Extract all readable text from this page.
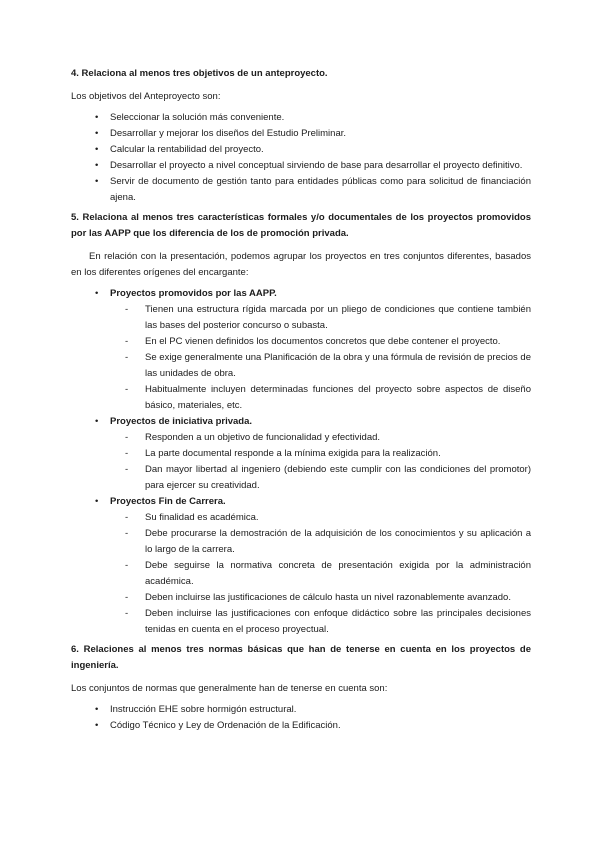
4. Relaciona al menos tres objetivos de un anteproyecto.
Los objetivos del Anteproyecto son:
•	Seleccionar la solución más conveniente.
•	Desarrollar y mejorar los diseños del Estudio Preliminar.
•	Calcular la rentabilidad del proyecto.
•	Desarrollar el proyecto a nivel conceptual sirviendo de base para desarrollar el proyecto definitivo.
•	Servir de documento de gestión tanto para entidades públicas como para solicitud de financiación ajena.
5. Relaciona al menos tres características formales y/o documentales de los proyectos promovidos por las AAPP que los diferencia de los de promoción privada.
En relación con la presentación, podemos agrupar los proyectos en tres conjuntos diferentes, basados en los diferentes orígenes del encargante:
•	Proyectos promovidos por las AAPP.
-	Tienen una estructura rígida marcada por un pliego de condiciones que contiene también las bases del posterior concurso o subasta.
-	En el PC vienen definidos los documentos concretos que debe contener el proyecto.
-	Se exige generalmente una Planificación de la obra y una fórmula de revisión de precios de las unidades de obra.
-	Habitualmente incluyen determinadas funciones del proyecto sobre aspectos de diseño básico, materiales, etc.
•	Proyectos de iniciativa privada.
-	Responden a un objetivo de funcionalidad y efectividad.
-	La parte documental responde a la mínima exigida para la realización.
-	Dan mayor libertad al ingeniero (debiendo este cumplir con las condiciones del promotor) para ejercer su creatividad.
•	Proyectos Fin de Carrera.
-	Su finalidad es académica.
-	Debe procurarse la demostración de la adquisición de los conocimientos y su aplicación a lo largo de la carrera.
-	Debe seguirse la normativa concreta de presentación exigida por la administración académica.
-	Deben incluirse las justificaciones de cálculo hasta un nivel razonablemente avanzado.
-	Deben incluirse las justificaciones con enfoque didáctico sobre las principales decisiones tenidas en cuenta en el proceso proyectual.
6. Relaciones al menos tres normas básicas que han de tenerse en cuenta en los proyectos de ingeniería.
Los conjuntos de normas que generalmente han de tenerse en cuenta son:
•	Instrucción EHE sobre hormigón estructural.
•	Código Técnico y Ley de Ordenación de la Edificación.
